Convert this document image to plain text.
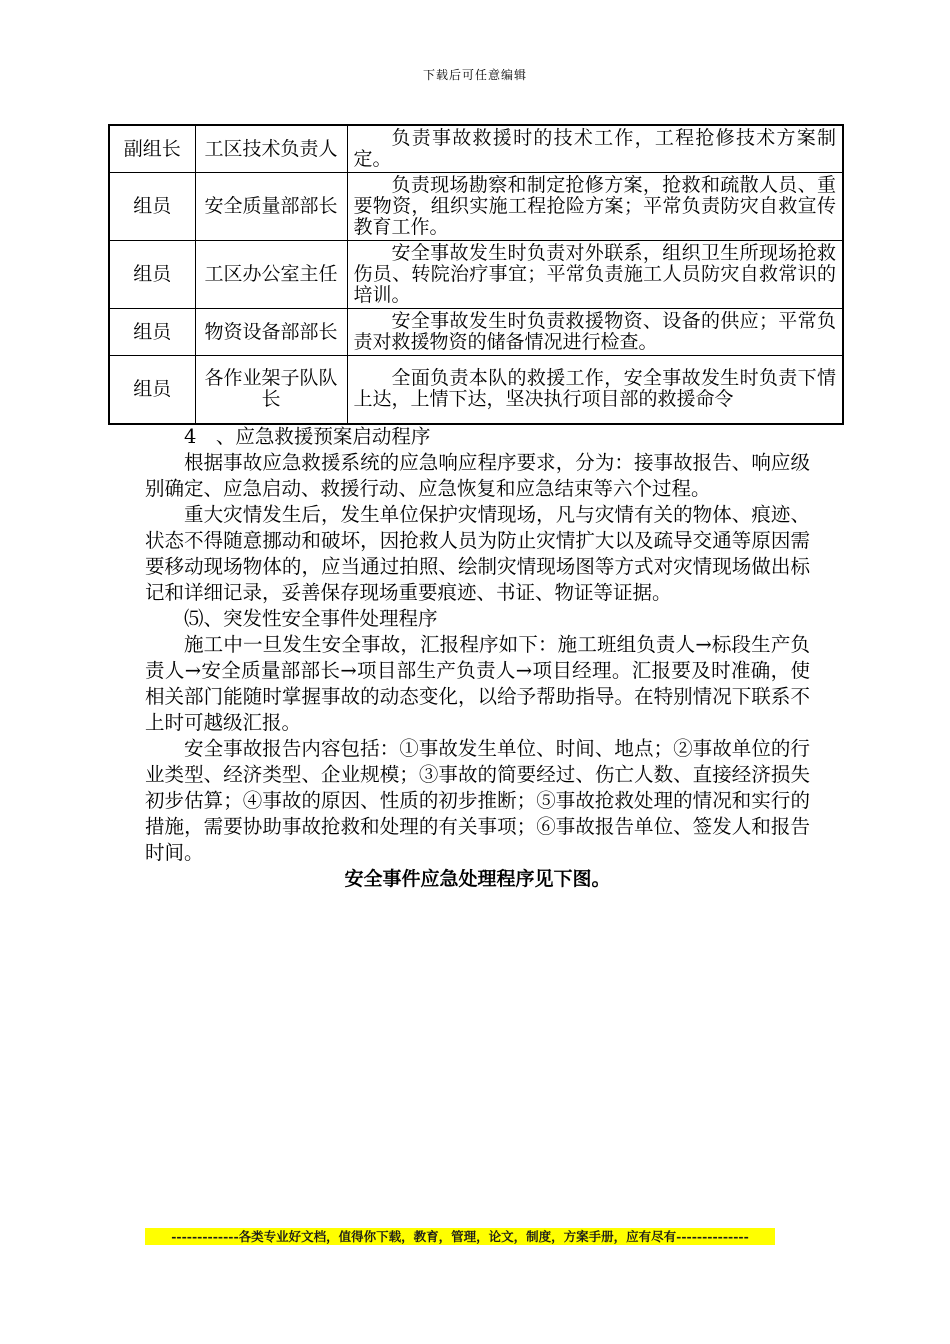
下载后可任意编辑
副组长	工区技术负责人	负责事故救援时的技术工作，工程抢修技术方案制定。
组员	安全质量部部长	负责现场勘察和制定抢修方案，抢救和疏散人员、重要物资，组织实施工程抢险方案；平常负责防灾自救宣传教育工作。
组员	工区办公室主任	安全事故发生时负责对外联系，组织卫生所现场抢救伤员、转院治疗事宜；平常负责施工人员防灾自救常识的培训。
组员	物资设备部部长	安全事故发生时负责救援物资、设备的供应；平常负责对救援物资的储备情况进行检查。
组员	各作业架子队队长	全面负责本队的救援工作，安全事故发生时负责下情上达，上情下达，坚决执行项目部的救援命令

4　、应急救援预案启动程序

根据事故应急救援系统的应急响应程序要求，分为：接事故报告、响应级别确定、应急启动、救援行动、应急恢复和应急结束等六个过程。

重大灾情发生后，发生单位保护灾情现场，凡与灾情有关的物体、痕迹、状态不得随意挪动和破坏，因抢救人员为防止灾情扩大以及疏导交通等原因需要移动现场物体的，应当通过拍照、绘制灾情现场图等方式对灾情现场做出标记和详细记录，妥善保存现场重要痕迹、书证、物证等证据。

⑸、突发性安全事件处理程序

施工中一旦发生安全事故，汇报程序如下：施工班组负责人→标段生产负责人→安全质量部部长→项目部生产负责人→项目经理。汇报要及时准确，使相关部门能随时掌握事故的动态变化，以给予帮助指导。在特别情况下联系不上时可越级汇报。

安全事故报告内容包括：①事故发生单位、时间、地点；②事故单位的行业类型、经济类型、企业规模；③事故的简要经过、伤亡人数、直接经济损失初步估算；④事故的原因、性质的初步推断；⑤事故抢救处理的情况和实行的措施，需要协助事故抢救和处理的有关事项；⑥事故报告单位、签发人和报告时间。

安全事件应急处理程序见下图。

-------------各类专业好文档，值得你下载，教育，管理，论文，制度，方案手册，应有尽有--------------
